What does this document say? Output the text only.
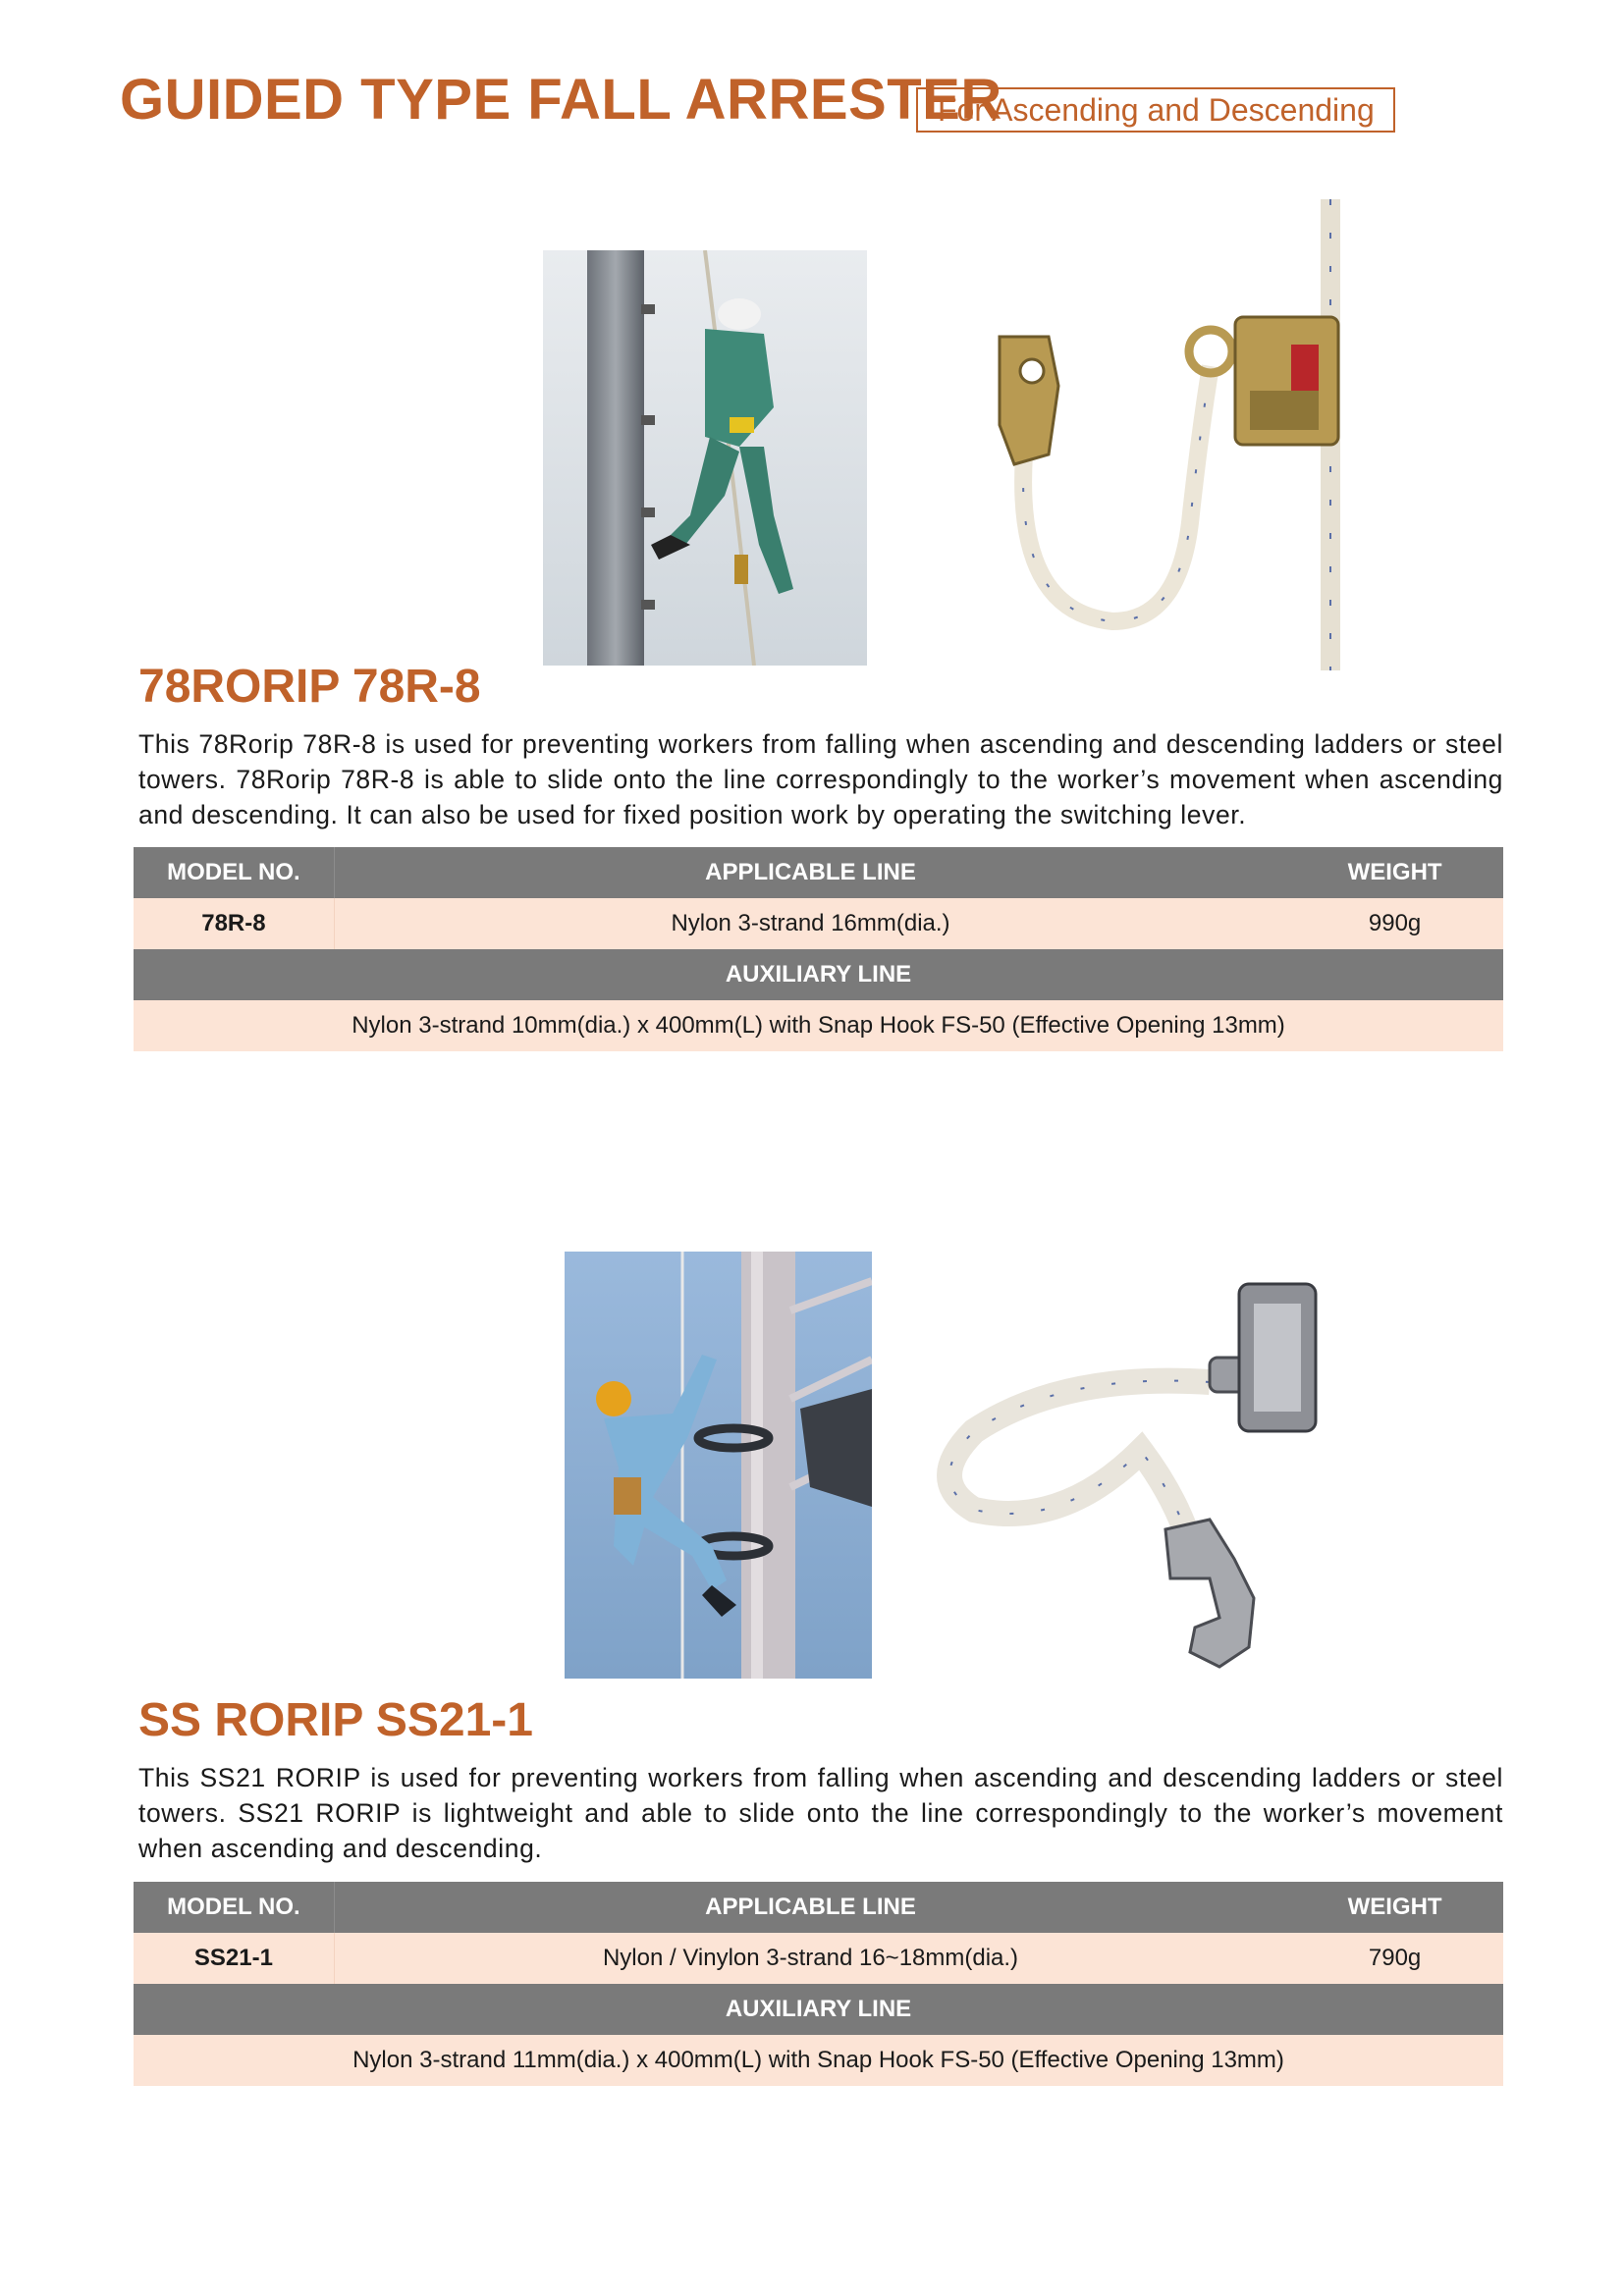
GUIDED TYPE FALL ARRESTER
For Ascending and Descending
78RORIP 78R-8
This 78Rorip 78R-8 is used for preventing workers from falling when ascending and descending ladders or steel towers. 78Rorip 78R-8 is able to slide onto the line correspondingly to the worker’s movement when ascending and descending. It can also be used for fixed position work by operating the switching lever.
MODEL NO.	APPLICABLE LINE	WEIGHT
78R-8	Nylon 3-strand 16mm(dia.)	990g
AUXILIARY LINE
Nylon 3-strand 10mm(dia.) x 400mm(L) with Snap Hook FS-50 (Effective Opening 13mm)
SS RORIP SS21-1
This SS21 RORIP is used for preventing workers from falling when ascending and descending ladders or steel towers. SS21 RORIP is lightweight and able to slide onto the line correspondingly to the worker’s movement when ascending and descending.
MODEL NO.	APPLICABLE LINE	WEIGHT
SS21-1	Nylon / Vinylon 3-strand 16~18mm(dia.)	790g
AUXILIARY LINE
Nylon 3-strand 11mm(dia.) x 400mm(L) with Snap Hook FS-50 (Effective Opening 13mm)
